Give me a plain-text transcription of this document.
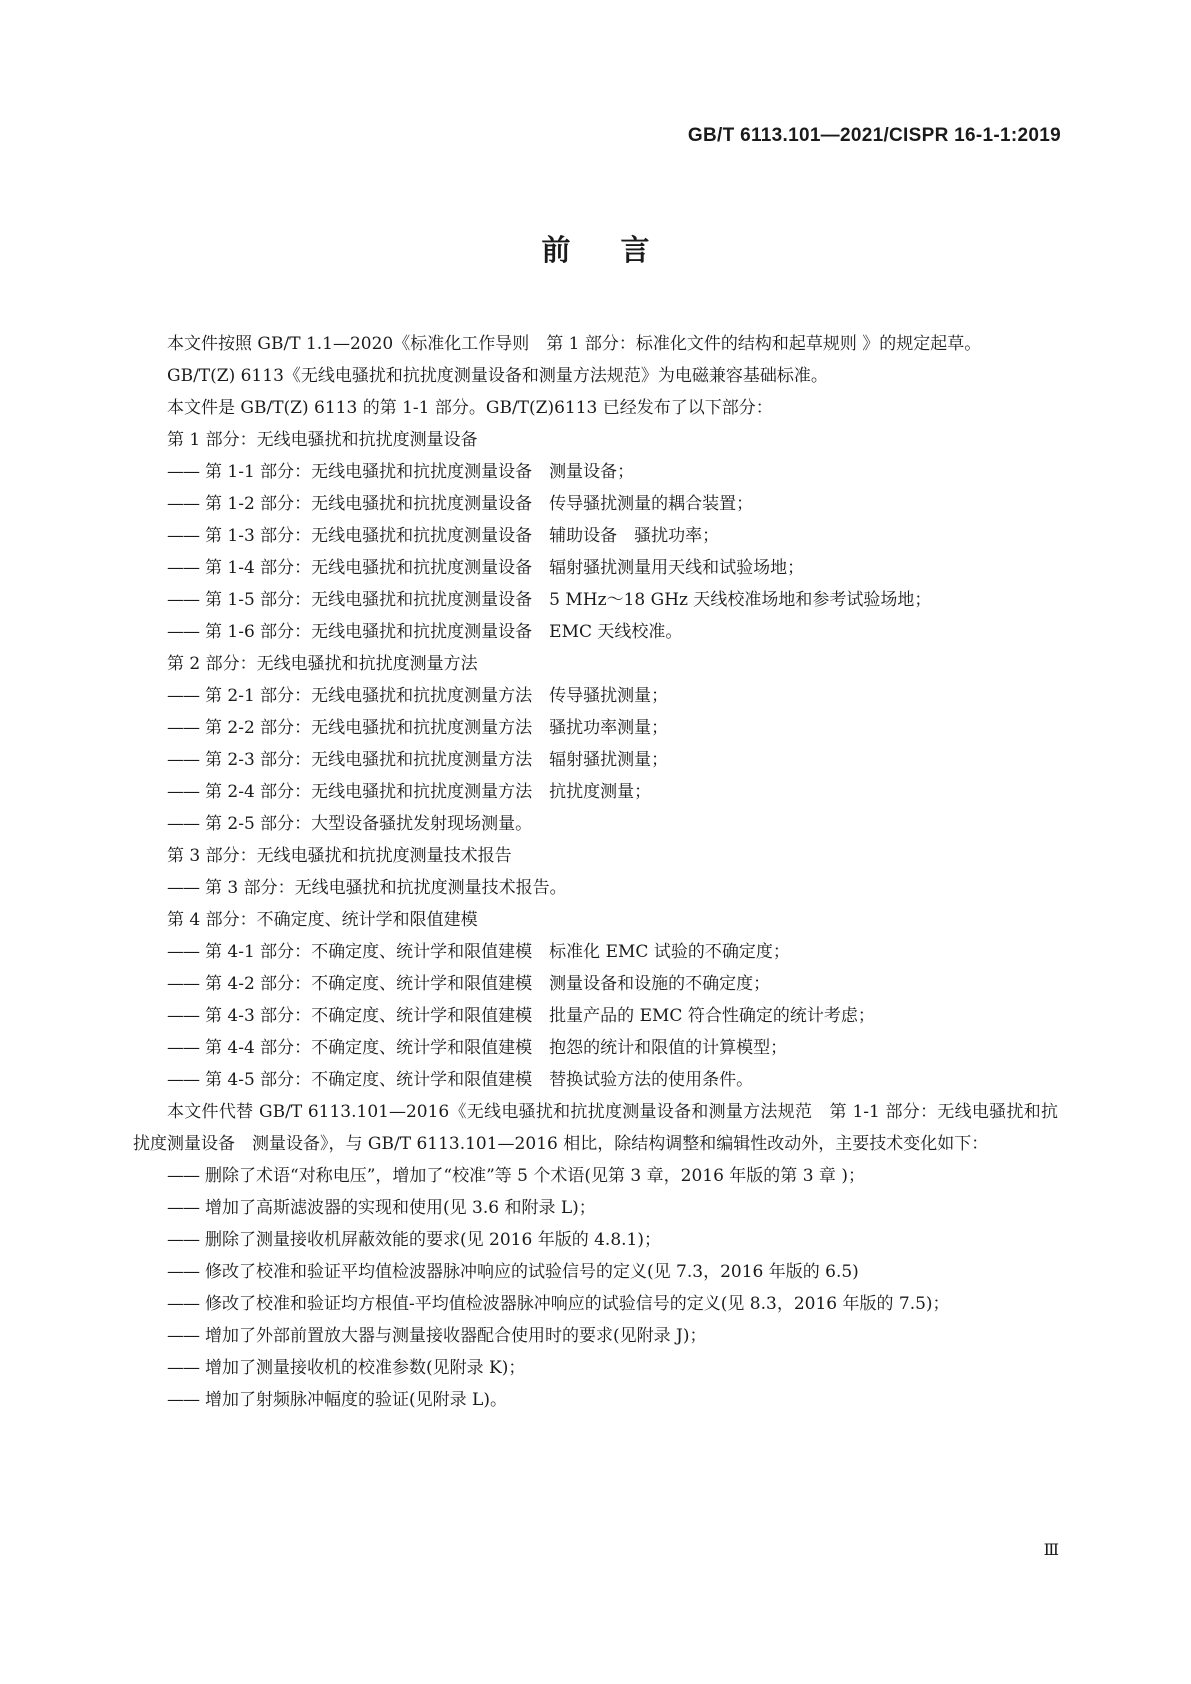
GB/T 6113.101—2021/CISPR 16-1-1:2019
前言

本文件按照 GB/T 1.1—2020《标准化工作导则　第 1 部分：标准化文件的结构和起草规则 》的规定起草。

GB/T(Z) 6113《无线电骚扰和抗扰度测量设备和测量方法规范》为电磁兼容基础标准。

本文件是 GB/T(Z) 6113 的第 1-1 部分。GB/T(Z)6113 已经发布了以下部分：

第 1 部分：无线电骚扰和抗扰度测量设备

—— 第 1-1 部分：无线电骚扰和抗扰度测量设备　测量设备；

—— 第 1-2 部分：无线电骚扰和抗扰度测量设备　传导骚扰测量的耦合装置；

—— 第 1-3 部分：无线电骚扰和抗扰度测量设备　辅助设备　骚扰功率；

—— 第 1-4 部分：无线电骚扰和抗扰度测量设备　辐射骚扰测量用天线和试验场地；

—— 第 1-5 部分：无线电骚扰和抗扰度测量设备　5 MHz～18 GHz 天线校准场地和参考试验场地；

—— 第 1-6 部分：无线电骚扰和抗扰度测量设备　EMC 天线校准。

第 2 部分：无线电骚扰和抗扰度测量方法

—— 第 2-1 部分：无线电骚扰和抗扰度测量方法　传导骚扰测量；

—— 第 2-2 部分：无线电骚扰和抗扰度测量方法　骚扰功率测量；

—— 第 2-3 部分：无线电骚扰和抗扰度测量方法　辐射骚扰测量；

—— 第 2-4 部分：无线电骚扰和抗扰度测量方法　抗扰度测量；

—— 第 2-5 部分：大型设备骚扰发射现场测量。

第 3 部分：无线电骚扰和抗扰度测量技术报告

—— 第 3 部分：无线电骚扰和抗扰度测量技术报告。

第 4 部分：不确定度、统计学和限值建模

—— 第 4-1 部分：不确定度、统计学和限值建模　标准化 EMC 试验的不确定度；

—— 第 4-2 部分：不确定度、统计学和限值建模　测量设备和设施的不确定度；

—— 第 4-3 部分：不确定度、统计学和限值建模　批量产品的 EMC 符合性确定的统计考虑；

—— 第 4-4 部分：不确定度、统计学和限值建模　抱怨的统计和限值的计算模型；

—— 第 4-5 部分：不确定度、统计学和限值建模　替换试验方法的使用条件。

本文件代替 GB/T 6113.101—2016《无线电骚扰和抗扰度测量设备和测量方法规范　第 1-1 部分：无线电骚扰和抗扰度测量设备　测量设备》，与 GB/T 6113.101—2016 相比，除结构调整和编辑性改动外，主要技术变化如下：

—— 删除了术语“对称电压”，增加了“校准”等 5 个术语(见第 3 章，2016 年版的第 3 章 )；

—— 增加了高斯滤波器的实现和使用(见 3.6 和附录 L)；

—— 删除了测量接收机屏蔽效能的要求(见 2016 年版的 4.8.1)；

—— 修改了校准和验证平均值检波器脉冲响应的试验信号的定义(见 7.3，2016 年版的 6.5)

—— 修改了校准和验证均方根值-平均值检波器脉冲响应的试验信号的定义(见 8.3，2016 年版的 7.5)；

—— 增加了外部前置放大器与测量接收器配合使用时的要求(见附录 J)；

—— 增加了测量接收机的校准参数(见附录 K)；

—— 增加了射频脉冲幅度的验证(见附录 L)。

Ⅲ
